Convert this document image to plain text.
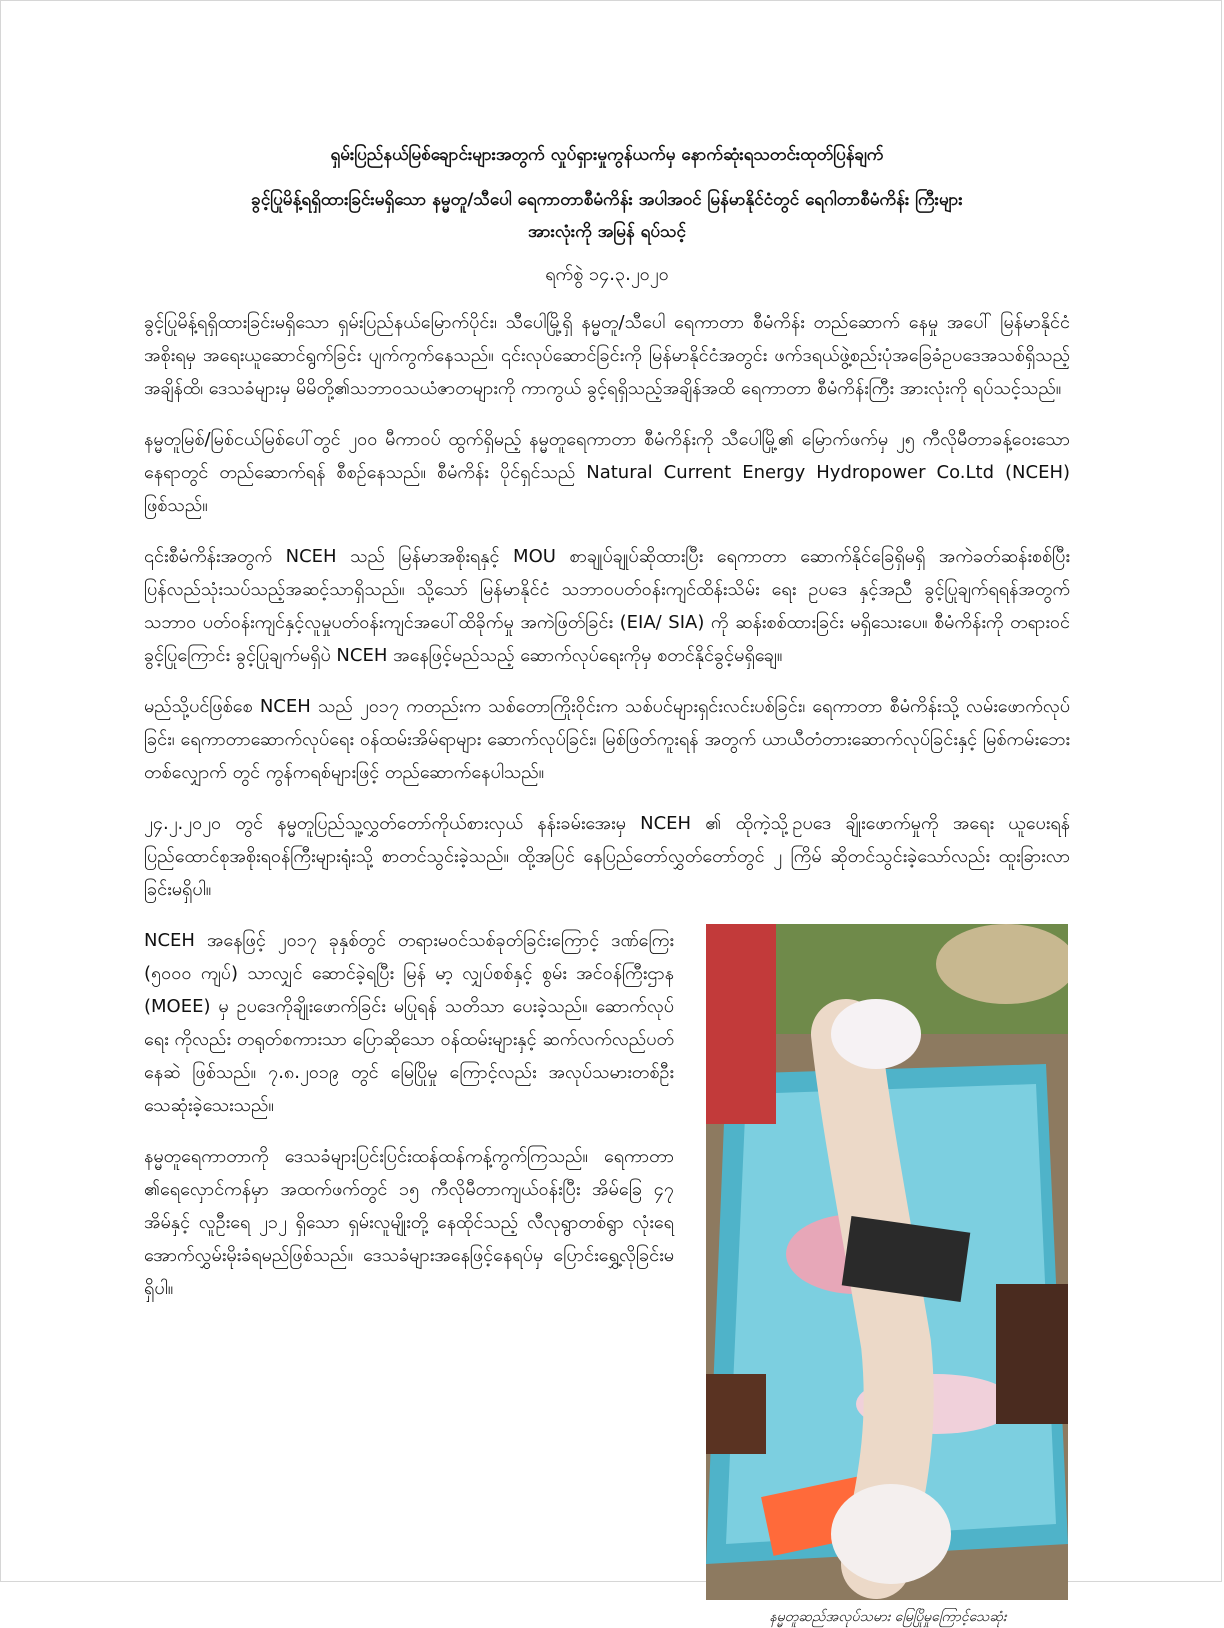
ရှမ်းပြည်နယ်မြစ်ချောင်းများအတွက် လှုပ်ရှားမှုကွန်ယက်မှ နောက်ဆုံးရသတင်းထုတ်ပြန်ချက်
ခွင့်ပြုမိန့်ရရှိထားခြင်းမရှိသော နမ္မတူ/သီပေါ ရေကာတာစီမံကိန်း အပါအဝင် မြန်မာနိုင်ငံတွင် ရေဂါတာစီမံကိန်း ကြီးများ
အားလုံးကို အမြန် ရပ်သင့်
ရက်စွဲ ၁၄.၃.၂၀၂၀

ခွင့်ပြုမိန့်ရရှိထားခြင်းမရှိသော ရှမ်းပြည်နယ်မြောက်ပိုင်း၊ သီပေါမြို့ရှိ နမ္မတူ/သီပေါ ရေကာတာ စီမံကိန်း တည်ဆောက် နေမှု အပေါ် မြန်မာနိုင်ငံအစိုးရမှ အရေးယူဆောင်ရွက်ခြင်း ပျက်ကွက်နေသည်။ ၎င်းလုပ်ဆောင်ခြင်းကို မြန်မာနိုင်ငံအတွင်း ဖက်ဒရယ်ဖွဲ့စည်းပုံအခြေခံဥပဒေအသစ်ရှိသည့်အချိန်ထိ၊ ဒေသခံများမှ မိမိတို့၏သဘာဝသယံဇာတများကို ကာကွယ် ခွင့်ရရှိသည့်အချိန်အထိ ရေကာတာ စီမံကိန်းကြီး အားလုံးကို ရပ်သင့်သည်။

နမ္မတူမြစ်/မြစ်ငယ်မြစ်ပေါ်တွင် ၂၀၀ မီကာဝပ် ထွက်ရှိမည့် နမ္မတူရေကာတာ စီမံကိန်းကို သီပေါမြို့၏ မြောက်ဖက်မှ ၂၅ ကီလိုမီတာခန့်ဝေးသော နေရာတွင် တည်ဆောက်ရန် စီစဉ်နေသည်။ စီမံကိန်း ပိုင်ရှင်သည် Natural Current Energy Hydropower Co.Ltd (NCEH) ဖြစ်သည်။

၎င်းစီမံကိန်းအတွက် NCEH သည် မြန်မာအစိုးရနှင့် MOU စာချုပ်ချုပ်ဆိုထားပြီး ရေကာတာ ဆောက်နိုင်ခြေရှိမရှိ အကဲခတ်ဆန်းစစ်ပြီး ပြန်လည်သုံးသပ်သည့်အဆင့်သာရှိသည်။ သို့သော် မြန်မာနိုင်ငံ သဘာဝပတ်ဝန်းကျင်ထိန်းသိမ်း ရေး ဥပဒေ နှင့်အညီ ခွင့်ပြုချက်ရရန်အတွက် သဘာဝ ပတ်ဝန်းကျင်နှင့်လူမှုပတ်ဝန်းကျင်အပေါ်ထိခိုက်မှု အကဲဖြတ်ခြင်း (EIA/ SIA) ကို ဆန်းစစ်ထားခြင်း မရှိသေးပေ။ စီမံကိန်းကို တရားဝင်ခွင့်ပြုကြောင်း ခွင့်ပြုချက်မရှိပဲ NCEH အနေဖြင့်မည်သည့် ဆောက်လုပ်ရေးကိုမှ စတင်နိုင်ခွင့်မရှိချေ။

မည်သို့ပင်ဖြစ်စေ NCEH သည် ၂၀၁၇ ကတည်းက သစ်တောကြိုးဝိုင်းက သစ်ပင်များရှင်းလင်းပစ်ခြင်း၊ ရေကာတာ စီမံကိန်းသို့ လမ်းဖောက်လုပ်ခြင်း၊ ရေကာတာဆောက်လုပ်ရေး ဝန်ထမ်းအိမ်ရာများ ဆောက်လုပ်ခြင်း၊ မြစ်ဖြတ်ကူးရန် အတွက် ယာယီတံတားဆောက်လုပ်ခြင်းနှင့် မြစ်ကမ်းဘေးတစ်လျှောက် တွင် ကွန်ကရစ်များဖြင့် တည်ဆောက်နေပါသည်။

၂၄.၂.၂၀၂၀ တွင် နမ္မတူပြည်သူ့လွှတ်တော်ကိုယ်စားလှယ် နန်းခမ်းအေးမှ NCEH ၏ ထိုကဲ့သို့ဥပဒေ ချိုးဖောက်မှုကို အရေး ယူပေးရန် ပြည်ထောင်စုအစိုးရဝန်ကြီးများရုံးသို့ စာတင်သွင်းခဲ့သည်။ ထို့အပြင် နေပြည်တော်လွှတ်တော်တွင် ၂ ကြိမ် ဆိုတင်သွင်းခဲ့သော်လည်း ထူးခြားလာခြင်းမရှိပါ။

NCEH အနေဖြင့် ၂၀၁၇ ခုနှစ်တွင် တရားမဝင်သစ်ခုတ်ခြင်းကြောင့် ဒဏ်ကြေး (၅၀၀၀ ကျပ်) သာလျှင် ဆောင်ခဲ့ရပြီး မြန် မာ့ လျှပ်စစ်နှင့် စွမ်း အင်ဝန်ကြီးဌာန (MOEE) မှ ဥပဒေကိုချိုးဖောက်ခြင်း မပြုရန် သတိသာ ပေးခဲ့သည်။ ဆောက်လုပ်ရေး ကိုလည်း တရုတ်စကားသာ ပြောဆိုသော ဝန်ထမ်းများနှင့် ဆက်လက်လည်ပတ်နေဆဲ ဖြစ်သည်။ ၇.၈.၂၀၁၉ တွင် မြေပြိုမှု ကြောင့်လည်း အလုပ်သမားတစ်ဦး သေဆုံးခဲ့သေးသည်။

နမ္မတူရေကာတာကို ဒေသခံများပြင်းပြင်းထန်ထန်ကန့်ကွက်ကြသည်။ ရေကာတာ ၏ရေလှောင်ကန်မှာ အထက်ဖက်တွင် ၁၅ ကီလိုမီတာကျယ်ဝန်းပြီး အိမ်ခြေ ၄၇ အိမ်နှင့် လူဦးရေ ၂၁၂ ရှိသော ရှမ်းလူမျိုးတို့ နေထိုင်သည့် လီလုရွာတစ်ရွာ လုံးရေ အောက်လွှမ်းမိုးခံရမည်ဖြစ်သည်။ ဒေသခံများအနေဖြင့်နေရပ်မှ ပြောင်းရွှေ့လိုခြင်းမရှိပါ။

နမ္မတူဆည်အလုပ်သမား မြေပြိုမှုကြောင့်သေဆုံး
